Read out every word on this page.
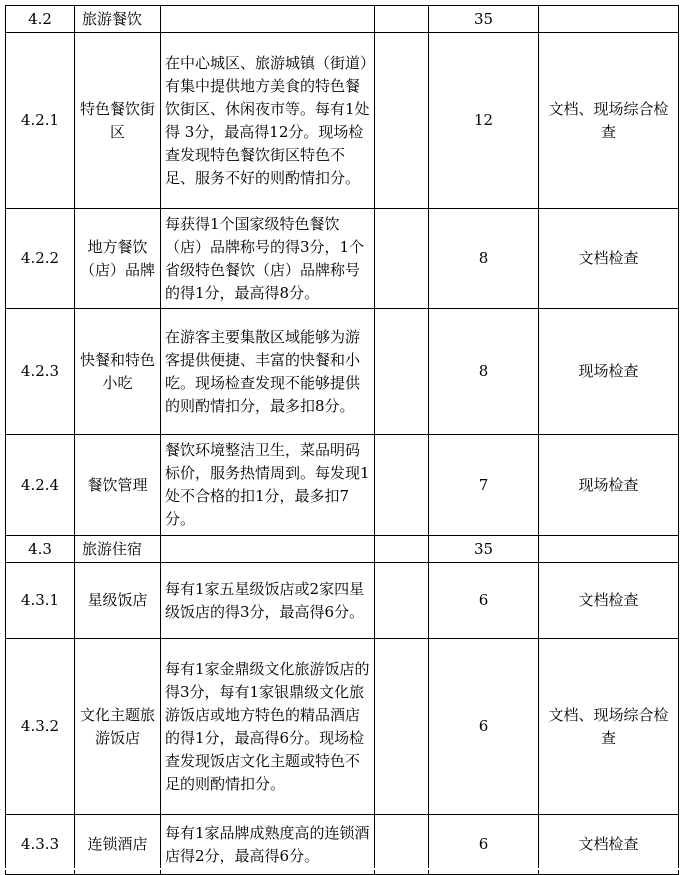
4.2	旅游餐饮			35	
4.2.1	特色餐饮街区	在中心城区、旅游城镇（街道）有集中提供地方美食的特色餐饮街区、休闲夜市等。每有1处得 3分，最高得12分。现场检查发现特色餐饮街区特色不足、服务不好的则酌情扣分。		12	文档、现场综合检查
4.2.2	地方餐饮（店）品牌	每获得1个国家级特色餐饮（店）品牌称号的得3分，1个省级特色餐饮（店）品牌称号的得1分，最高得8分。		8	文档检查
4.2.3	快餐和特色小吃	在游客主要集散区域能够为游客提供便捷、丰富的快餐和小吃。现场检查发现不能够提供的则酌情扣分，最多扣8分。		8	现场检查
4.2.4	餐饮管理	餐饮环境整洁卫生，菜品明码标价，服务热情周到。每发现1处不合格的扣1分，最多扣7分。		7	现场检查
4.3	旅游住宿			35	
4.3.1	星级饭店	每有1家五星级饭店或2家四星级饭店的得3分，最高得6分。		6	文档检查
4.3.2	文化主题旅游饭店	每有1家金鼎级文化旅游饭店的得3分，每有1家银鼎级文化旅游饭店或地方特色的精品酒店的得1分，最高得6分。现场检查发现饭店文化主题或特色不足的则酌情扣分。		6	文档、现场综合检查
4.3.3	连锁酒店	每有1家品牌成熟度高的连锁酒店得2分，最高得6分。		6	文档检查
